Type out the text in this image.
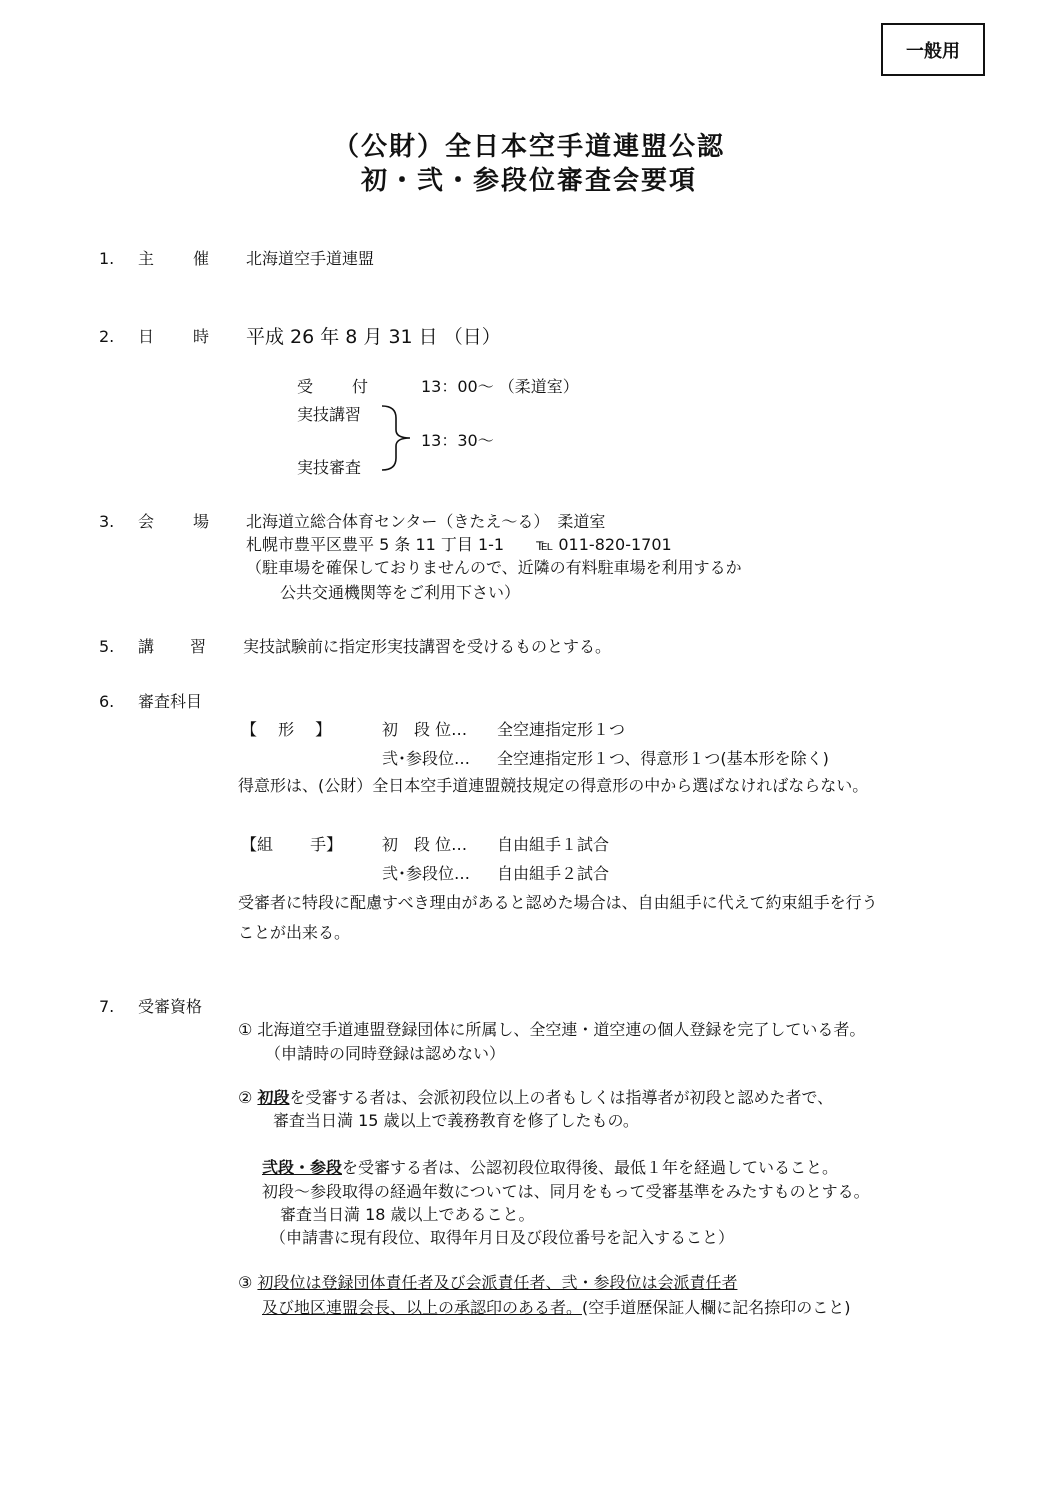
一般用
（公財）全日本空手道連盟公認
初・弐・参段位審査会要項
1. 主 催 北海道空手道連盟
2. 日 時 平成 26 年 8 月 31 日 （日）
受 付	13：00～ （柔道室）
実技講習
実技審査
13：30～
3. 会 場 北海道立総合体育センター（きたえ～る）　柔道室
札幌市豊平区豊平 5 条 11 丁目 1-1　　℡ 011-820-1701
（駐車場を確保しておりませんので、近隣の有料駐車場を利用するか
公共交通機関等をご利用下さい）
5. 講 習 実技試験前に指定形実技講習を受けるものとする。
6. 審査科目
【　 形 　】	初　段 位… 全空連指定形１つ
弐･参段位… 全空連指定形１つ、得意形１つ(基本形を除く)
得意形は、(公財）全日本空手道連盟競技規定の得意形の中から選ばなければならない。
【組 　　手】 初　段 位… 自由組手１試合
弐･参段位… 自由組手２試合
受審者に特段に配慮すべき理由があると認めた場合は、自由組手に代えて約束組手を行う
ことが出来る。
7. 受審資格
① 北海道空手道連盟登録団体に所属し、全空連・道空連の個人登録を完了している者。
（申請時の同時登録は認めない）
② 初段を受審する者は、会派初段位以上の者もしくは指導者が初段と認めた者で、
審査当日満 15 歳以上で義務教育を修了したもの。
弐段・参段を受審する者は、公認初段位取得後、最低１年を経過していること。
初段～参段取得の経過年数については、同月をもって受審基準をみたすものとする。
審査当日満 18 歳以上であること。
（申請書に現有段位、取得年月日及び段位番号を記入すること）
③ 初段位は登録団体責任者及び会派責任者、弐・参段位は会派責任者
及び地区連盟会長、以上の承認印のある者。(空手道歴保証人欄に記名捺印のこと)
